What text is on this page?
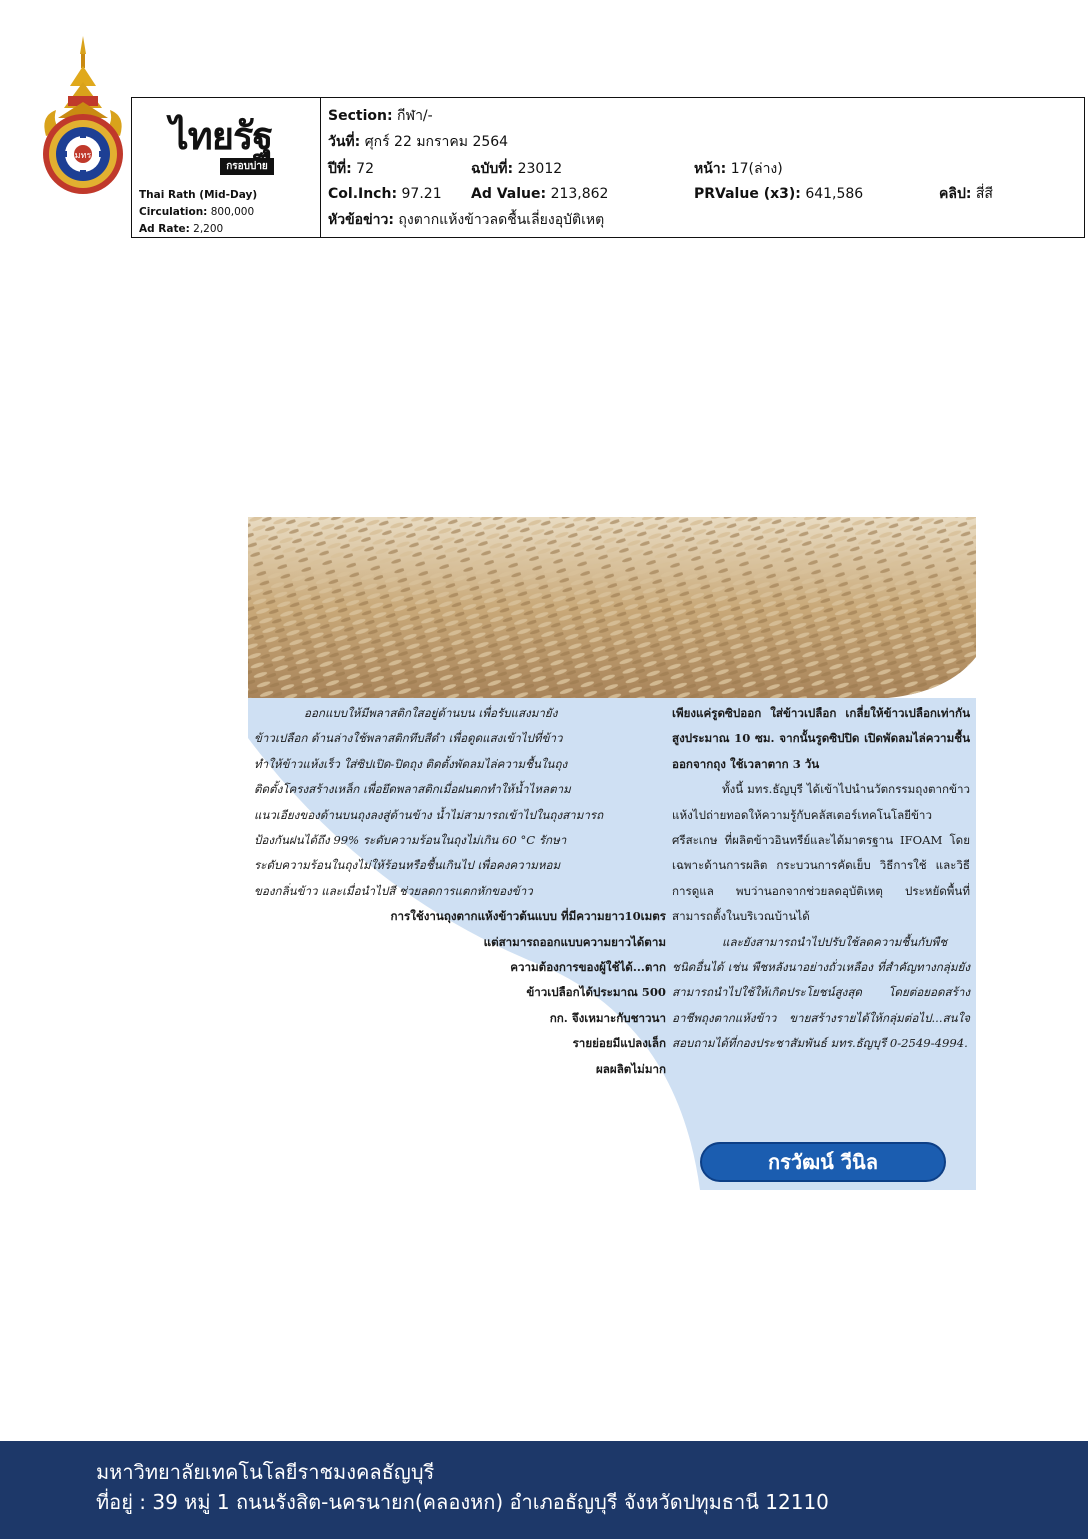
มทร ไทยรัฐ
กรอบบ่าย
Thai Rath (Mid-Day)
Circulation: 800,000
Ad Rate: 2,200
Section: กีฬา/-
วันที่: ศุกร์ 22 มกราคม 2564
ปีที่: 72	ฉบับที่: 23012	หน้า: 17(ล่าง)
Col.Inch: 97.21 Ad Value: 213,862	PRValue (x3): 641,586	คลิป: สี่สี
หัวข้อข่าว: ถุงตากแห้งข้าวลดชื้นเลี่ยงอุบัติเหตุ

ออกแบบให้มีพลาสติกใสอยู่ด้านบน เพื่อรับแสงมายัง

ข้าวเปลือก ด้านล่างใช้พลาสติกทึบสีดำ เพื่อดูดแสงเข้าไปที่ข้าว

ทำให้ข้าวแห้งเร็ว ใส่ซิปเปิด-ปิดถุง ติดตั้งพัดลมไล่ความชื้นในถุง

ติดตั้งโครงสร้างเหล็ก เพื่อยึดพลาสติกเมื่อฝนตกทำให้น้ำไหลตาม

แนวเอียงของด้านบนถุงลงสู่ด้านข้าง น้ำไม่สามารถเข้าไปในถุงสามารถ

ป้องกันฝนได้ถึง 99% ระดับความร้อนในถุงไม่เกิน 60 °C รักษา

ระดับความร้อนในถุงไม่ให้ร้อนหรือชื้นเกินไป เพื่อคงความหอม

ของกลิ่นข้าว และเมื่อนำไปสี ช่วยลดการแตกหักของข้าว

การใช้งานถุงตากแห้งข้าวต้นแบบ ที่มีความยาว10เมตร

แต่สามารถออกแบบความยาวได้ตาม

ความต้องการของผู้ใช้ได้...ตาก

ข้าวเปลือกได้ประมาณ 500

กก. จึงเหมาะกับชาวนา

รายย่อยมีแปลงเล็ก

ผลผลิตไม่มาก

เพียงแค่รูดซิปออก ใส่ข้าวเปลือก เกลี่ยให้ข้าวเปลือกเท่ากันสูงประมาณ 10 ซม. จากนั้นรูดซิปปิด เปิดพัดลมไล่ความชื้นออกจากถุง ใช้เวลาตาก 3 วัน

ทั้งนี้ มทร.ธัญบุรี ได้เข้าไปนำนวัตกรรมถุงตากข้าวแห้งไปถ่ายทอดให้ความรู้กับคลัสเตอร์เทคโนโลยีข้าวศรีสะเกษ ที่ผลิตข้าวอินทรีย์และได้มาตรฐาน IFOAM โดยเฉพาะด้านการผลิต กระบวนการคัดเย็บ วิธีการใช้ และวิธีการดูแล พบว่านอกจากช่วยลดอุบัติเหตุ ประหยัดพื้นที่ สามารถตั้งในบริเวณบ้านได้

และยังสามารถนำไปปรับใช้ลดความชื้นกับพืชชนิดอื่นได้ เช่น พืชหลังนาอย่างถั่วเหลือง ที่สำคัญทางกลุ่มยังสามารถนำไปใช้ให้เกิดประโยชน์สูงสุด โดยต่อยอดสร้างอาชีพถุงตากแห้งข้าว ขายสร้างรายได้ให้กลุ่มต่อไป...สนใจสอบถามได้ที่กองประชาสัมพันธ์ มทร.ธัญบุรี 0-2549-4994.

กรวัฒน์ วีนิล
มหาวิทยาลัยเทคโนโลยีราชมงคลธัญบุรี
ที่อยู่ : 39 หมู่ 1 ถนนรังสิต-นครนายก(คลองหก) อำเภอธัญบุรี จังหวัดปทุมธานี 12110
